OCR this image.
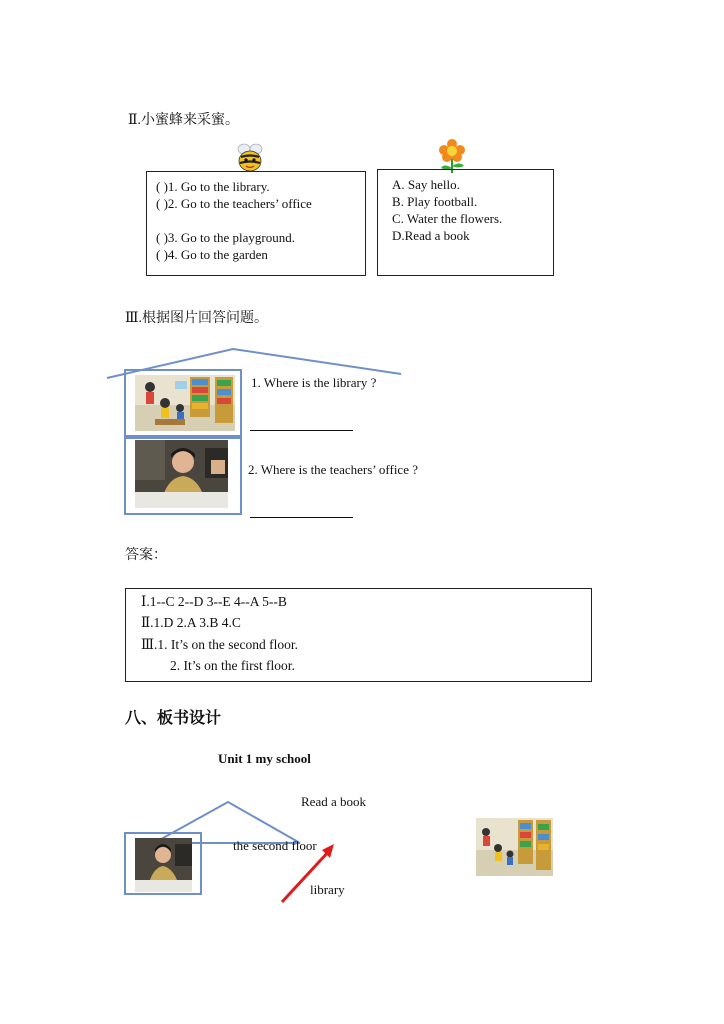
Ⅱ.小蜜蜂来采蜜。
( )1. Go to the library.
( )2. Go to the teachers’ office
( )3. Go to the playground.
( )4. Go to the garden
A. Say hello.
B. Play football.
C. Water the flowers.
D.Read a book
Ⅲ.根据图片回答问题。
1. Where is the library ?
2. Where is the teachers’ office ?
答案：
Ⅰ.1--C 2--D 3--E 4--A 5--B
Ⅱ.1.D 2.A 3.B 4.C
Ⅲ.1. It’s on the second floor.
2. It’s on the first floor.
八、板书设计
Unit 1 my school
Read a book
the second floor
library
